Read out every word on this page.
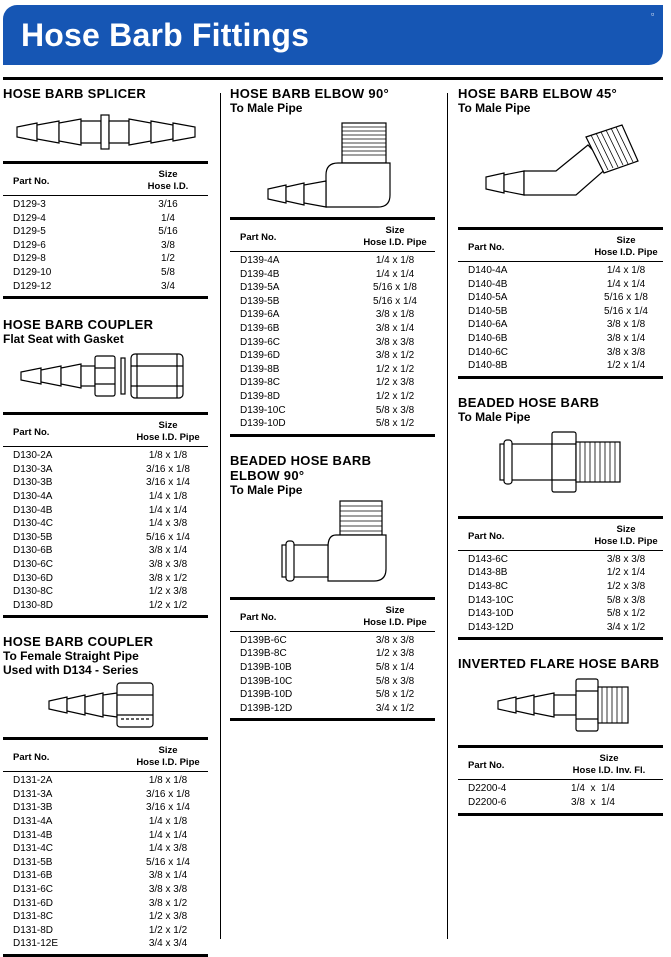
Hose Barb Fittings
▫
HOSE BARB SPLICER
Part No.
Size
Hose I.D.
D129-3	3/16
D129-4	1/4
D129-5	5/16
D129-6	3/8
D129-8	1/2
D129-10	5/8
D129-12	3/4
HOSE BARB COUPLER
Flat Seat with Gasket
Part No.
Size
Hose I.D. Pipe
D130-2A	1/8 x 1/8
D130-3A	3/16 x 1/8
D130-3B	3/16 x 1/4
D130-4A	1/4 x 1/8
D130-4B	1/4 x 1/4
D130-4C	1/4 x 3/8
D130-5B	5/16 x 1/4
D130-6B	3/8 x 1/4
D130-6C	3/8 x 3/8
D130-6D	3/8 x 1/2
D130-8C	1/2 x 3/8
D130-8D	1/2 x 1/2
HOSE BARB COUPLER
To Female Straight Pipe
Used with D134 - Series
Part No.
Size
Hose I.D. Pipe
D131-2A	1/8 x 1/8
D131-3A	3/16 x 1/8
D131-3B	3/16 x 1/4
D131-4A	1/4 x 1/8
D131-4B	1/4 x 1/4
D131-4C	1/4 x 3/8
D131-5B	5/16 x 1/4
D131-6B	3/8 x 1/4
D131-6C	3/8 x 3/8
D131-6D	3/8 x 1/2
D131-8C	1/2 x 3/8
D131-8D	1/2 x 1/2
D131-12E	3/4 x 3/4
HOSE BARB ELBOW 90°
To Male Pipe
Part No.
Size
Hose I.D. Pipe
D139-4A	1/4 x 1/8
D139-4B	1/4 x 1/4
D139-5A	5/16 x 1/8
D139-5B	5/16 x 1/4
D139-6A	3/8 x 1/8
D139-6B	3/8 x 1/4
D139-6C	3/8 x 3/8
D139-6D	3/8 x 1/2
D139-8B	1/2 x 1/2
D139-8C	1/2 x 3/8
D139-8D	1/2 x 1/2
D139-10C	5/8 x 3/8
D139-10D	5/8 x 1/2
BEADED HOSE BARB
ELBOW 90°
To Male Pipe
Part No.
Size
Hose I.D. Pipe
D139B-6C	3/8 x 3/8
D139B-8C	1/2 x 3/8
D139B-10B	5/8 x 1/4
D139B-10C	5/8 x 3/8
D139B-10D	5/8 x 1/2
D139B-12D	3/4 x 1/2
HOSE BARB ELBOW 45°
To Male Pipe
Part No.
Size
Hose I.D. Pipe
D140-4A	1/4 x 1/8
D140-4B	1/4 x 1/4
D140-5A	5/16 x 1/8
D140-5B	5/16 x 1/4
D140-6A	3/8 x 1/8
D140-6B	3/8 x 1/4
D140-6C	3/8 x 3/8
D140-8B	1/2 x 1/4
BEADED HOSE BARB
To Male Pipe
Part No.
Size
Hose I.D. Pipe
D143-6C	3/8 x 3/8
D143-8B	1/2 x 1/4
D143-8C	1/2 x 3/8
D143-10C	5/8 x 3/8
D143-10D	5/8 x 1/2
D143-12D	3/4 x 1/2
INVERTED FLARE HOSE BARB
Part No.
Size
Hose I.D. Inv. Fl.
D2200-4	1/4  x  1/4
D2200-6	3/8  x  1/4
